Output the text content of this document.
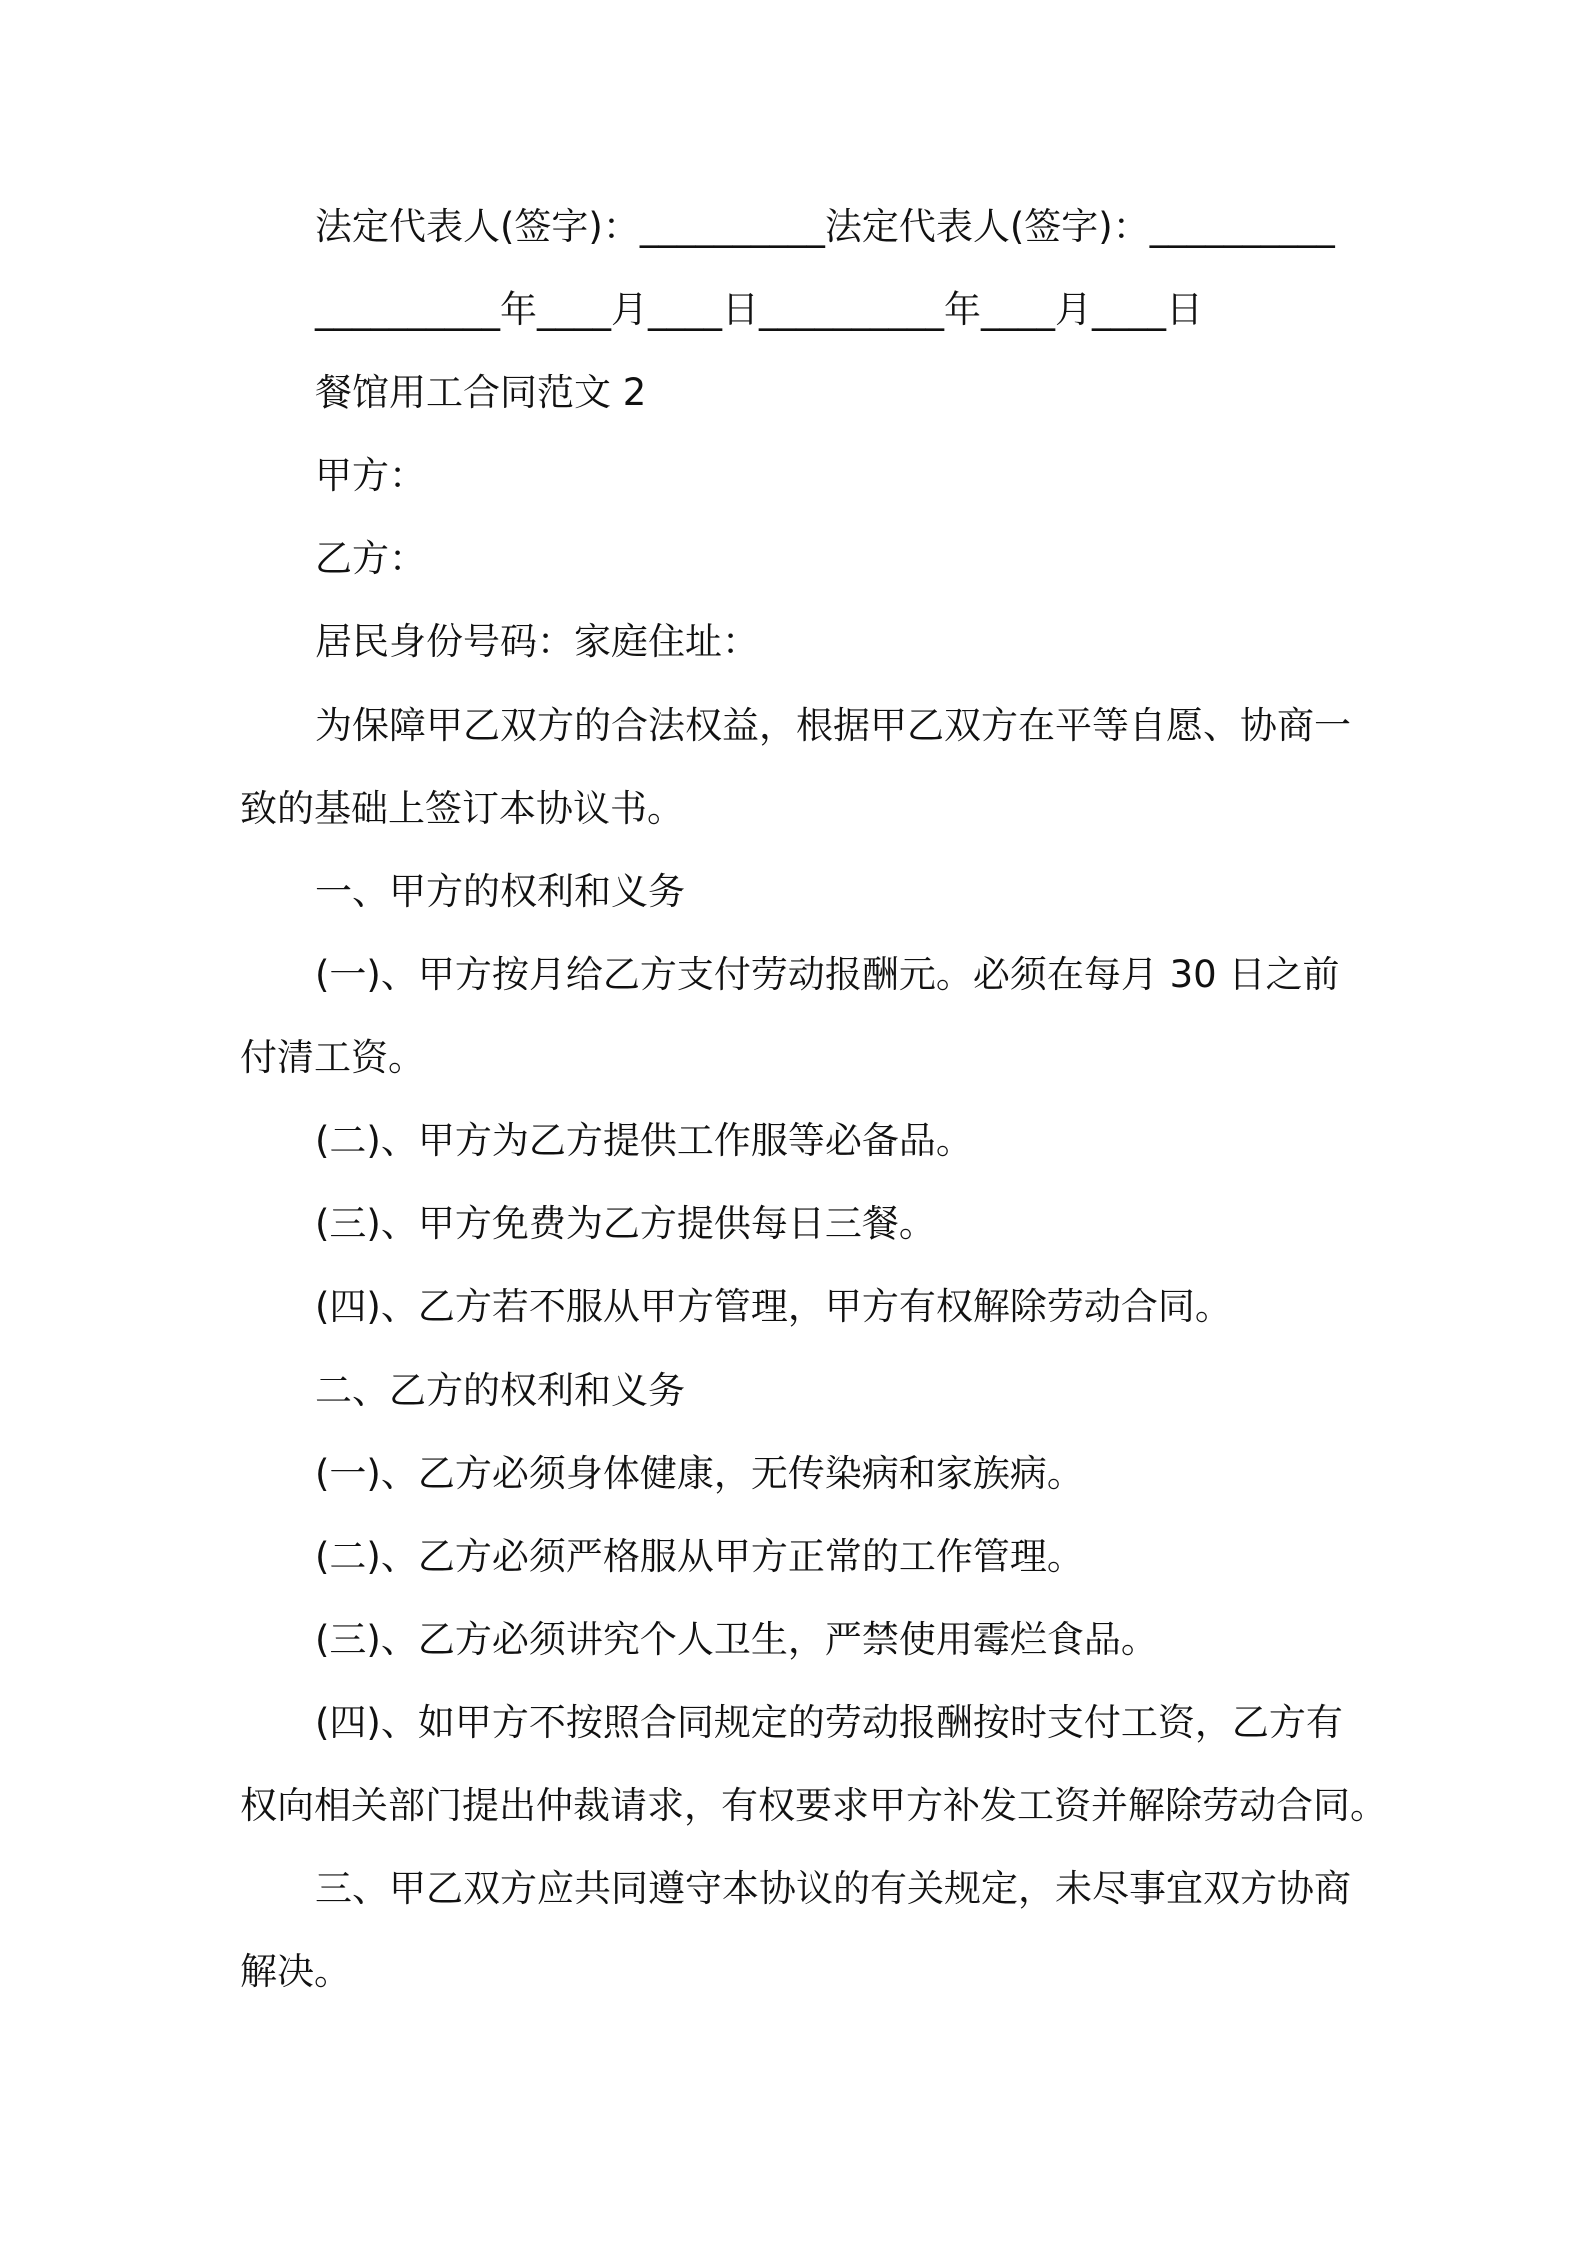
法定代表人(签字)：__________法定代表人(签字)：__________
__________年____月____日__________年____月____日
餐馆用工合同范文 2
甲方：
乙方：
居民身份号码：家庭住址：
为保障甲乙双方的合法权益，根据甲乙双方在平等自愿、协商一
致的基础上签订本协议书。
一、甲方的权利和义务
(一)、甲方按月给乙方支付劳动报酬元。必须在每月 30 日之前
付清工资。
(二)、甲方为乙方提供工作服等必备品。
(三)、甲方免费为乙方提供每日三餐。
(四)、乙方若不服从甲方管理，甲方有权解除劳动合同。
二、乙方的权利和义务
(一)、乙方必须身体健康，无传染病和家族病。
(二)、乙方必须严格服从甲方正常的工作管理。
(三)、乙方必须讲究个人卫生，严禁使用霉烂食品。
(四)、如甲方不按照合同规定的劳动报酬按时支付工资，乙方有
权向相关部门提出仲裁请求，有权要求甲方补发工资并解除劳动合同。
三、甲乙双方应共同遵守本协议的有关规定，未尽事宜双方协商
解决。
